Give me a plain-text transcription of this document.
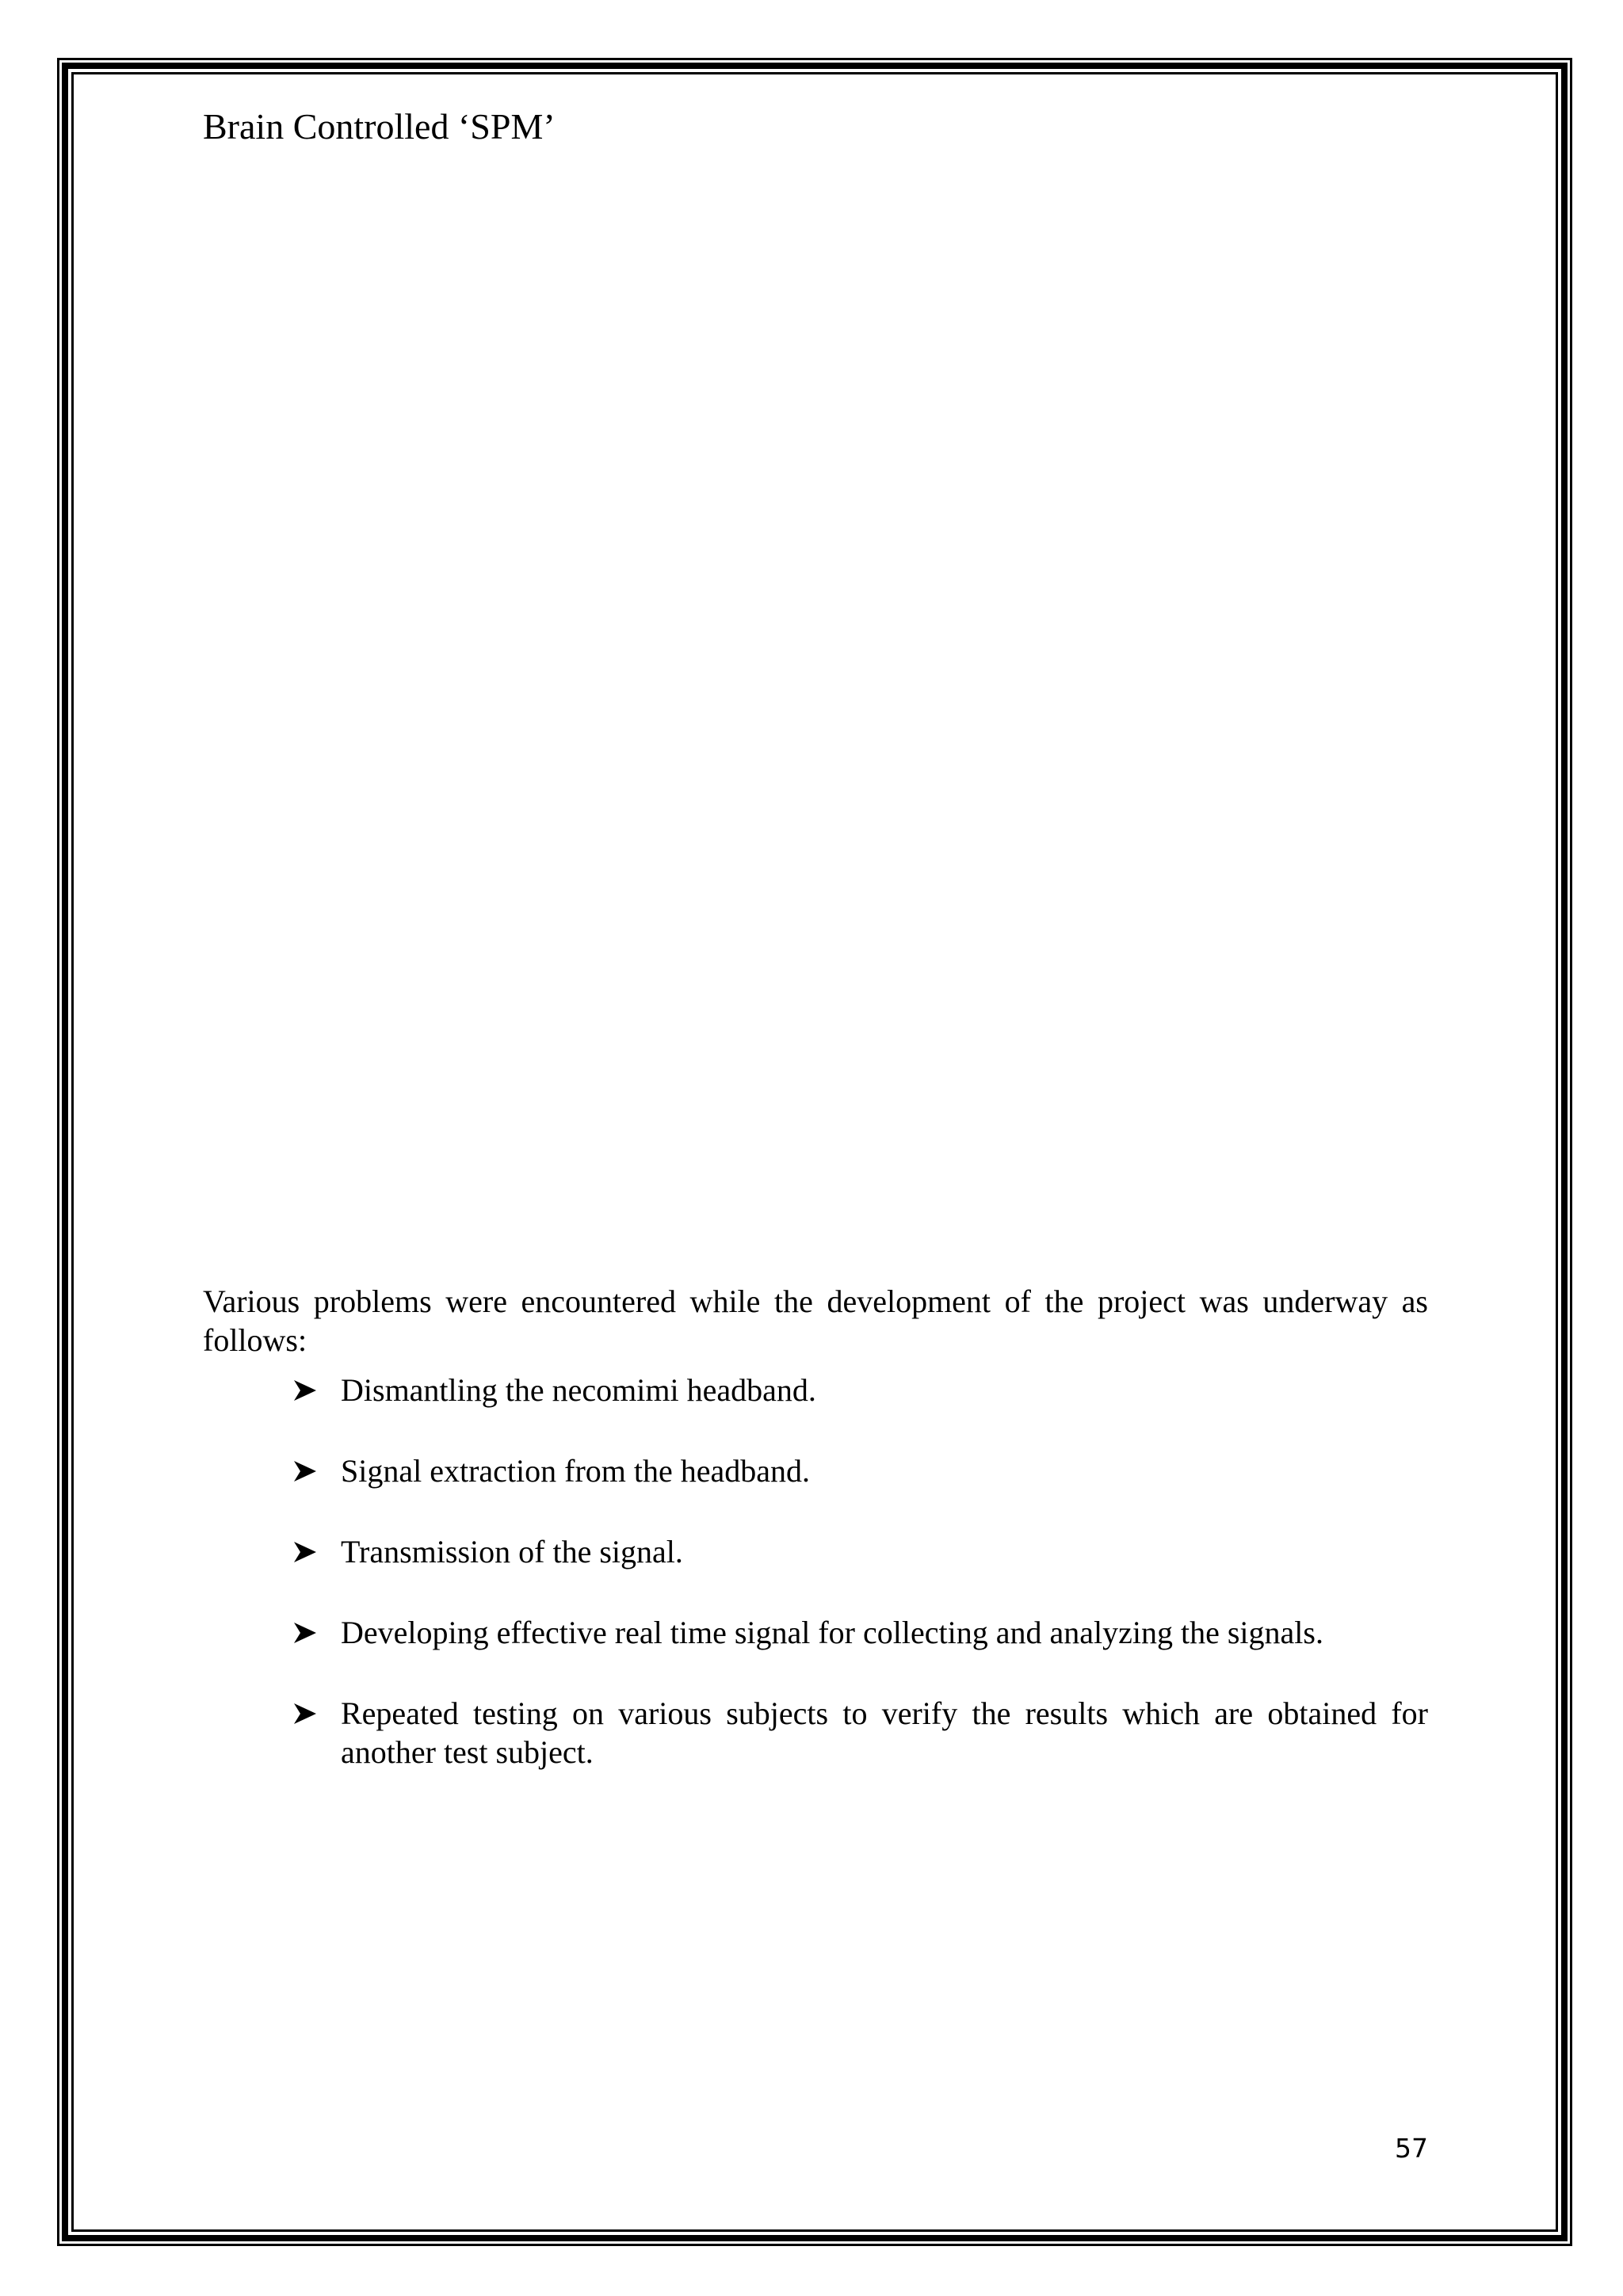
Brain Controlled ‘SPM’

Various problems were encountered while the development of the project was underway as follows:

Dismantling the necomimi headband.
Signal extraction from the headband.
Transmission of the signal.
Developing effective real time signal for collecting and analyzing the signals.
Repeated testing on various subjects to verify the results which are obtained for another test subject.
57
